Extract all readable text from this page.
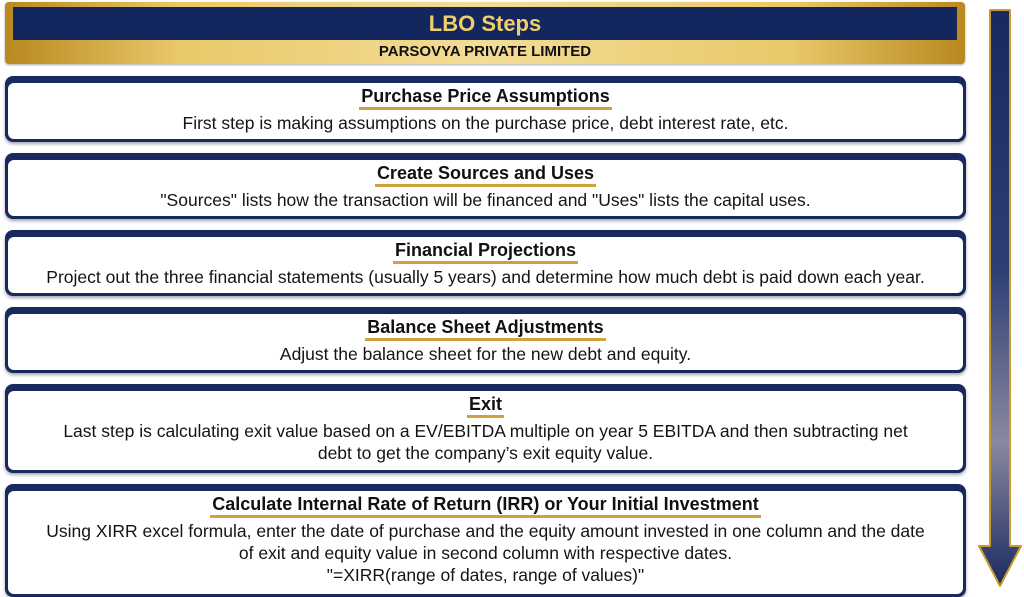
LBO Steps
PARSOVYA PRIVATE LIMITED
Purchase Price Assumptions
First step is making assumptions on the purchase price, debt interest rate, etc.
Create Sources and Uses
"Sources" lists how the transaction will be financed and "Uses" lists the capital uses.
Financial Projections
Project out the three financial statements (usually 5 years) and determine how much debt is paid down each year.
Balance Sheet Adjustments
Adjust the balance sheet for the new debt and equity.
Exit
Last step is calculating exit value based on a EV/EBITDA multiple on year 5 EBITDA and then subtracting net
debt to get the company’s exit equity value.
Calculate Internal Rate of Return (IRR) or Your Initial Investment
Using XIRR excel formula, enter the date of purchase and the equity amount invested in one column and the date
of exit and equity value in second column with respective dates.
"=XIRR(range of dates, range of values)"
